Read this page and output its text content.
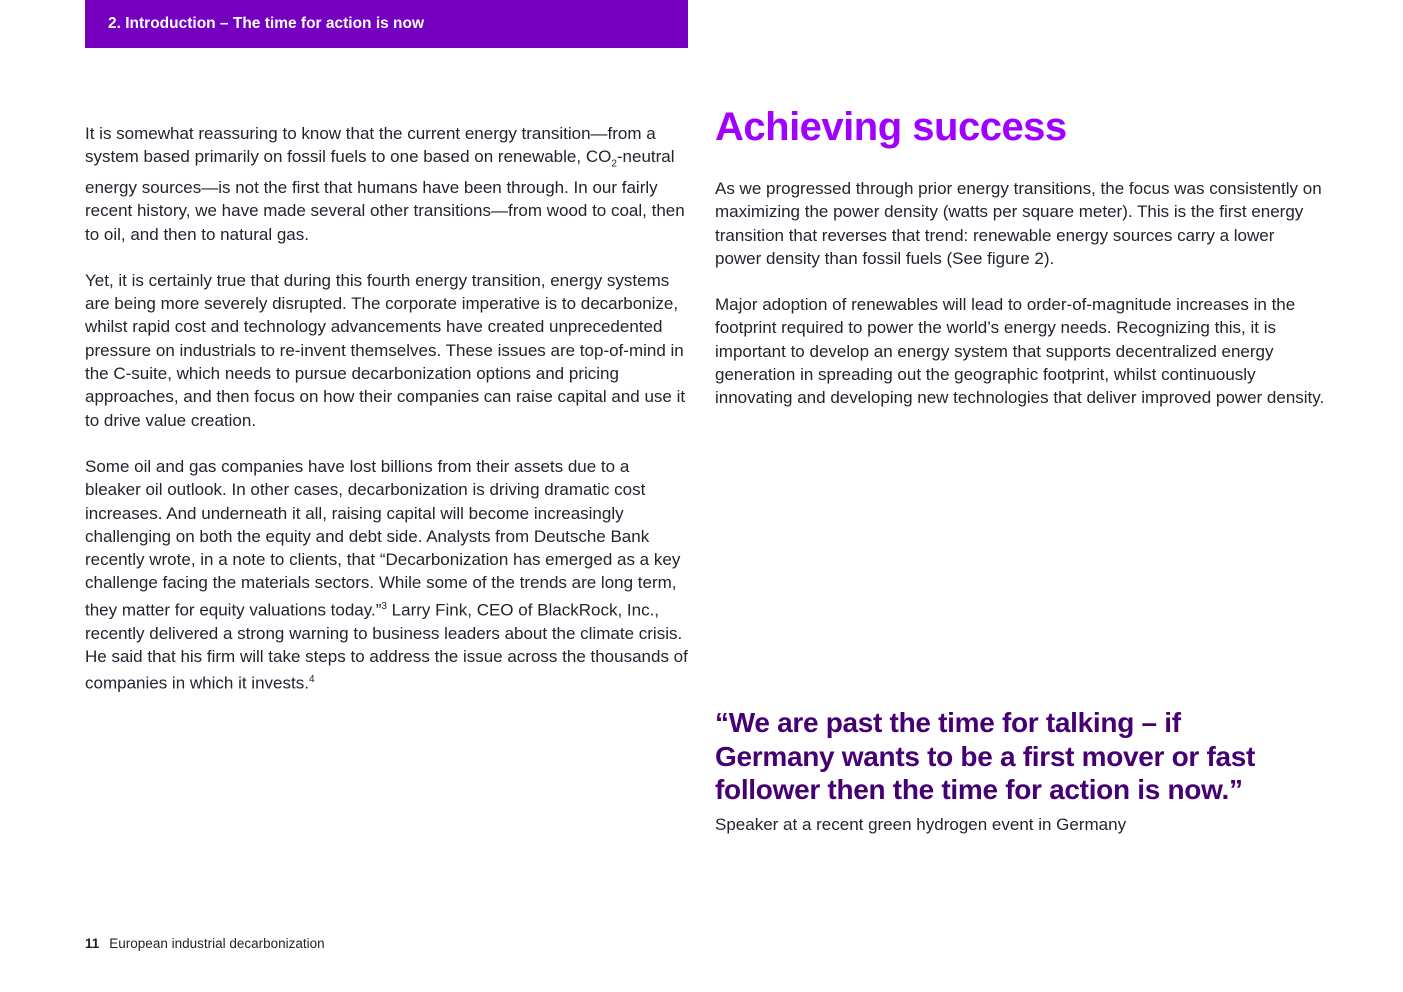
2. Introduction – The time for action is now

It is somewhat reassuring to know that the current energy transition—from a system based primarily on fossil fuels to one based on renewable, $CO_2$-neutral energy sources—is not the first that humans have been through. In our fairly recent history, we have made several other transitions—from wood to coal, then to oil, and then to natural gas.

Yet, it is certainly true that during this fourth energy transition, energy systems are being more severely disrupted. The corporate imperative is to decarbonize, whilst rapid cost and technology advancements have created unprecedented pressure on industrials to re-invent themselves. These issues are top-of-mind in the C-suite, which needs to pursue decarbonization options and pricing approaches, and then focus on how their companies can raise capital and use it to drive value creation.

Some oil and gas companies have lost billions from their assets due to a bleaker oil outlook. In other cases, decarbonization is driving dramatic cost increases. And underneath it all, raising capital will become increasingly challenging on both the equity and debt side. Analysts from Deutsche Bank recently wrote, in a note to clients, that “Decarbonization has emerged as a key challenge facing the materials sectors. While some of the trends are long term, they matter for equity valuations today.”$^3$ Larry Fink, CEO of BlackRock, Inc., recently delivered a strong warning to business leaders about the climate crisis. He said that his firm will take steps to address the issue across the thousands of companies in which it invests.$^4$

Achieving success

As we progressed through prior energy transitions, the focus was consistently on maximizing the power density (watts per square meter). This is the first energy transition that reverses that trend: renewable energy sources carry a lower power density than fossil fuels (See figure 2).

Major adoption of renewables will lead to order-of-magnitude increases in the footprint required to power the world’s energy needs. Recognizing this, it is important to develop an energy system that supports decentralized energy generation in spreading out the geographic footprint, whilst continuously innovating and developing new technologies that deliver improved power density.

“We are past the time for talking – if Germany wants to be a first mover or fast follower then the time for action is now.”

Speaker at a recent green hydrogen event in Germany

11 European industrial decarbonization
